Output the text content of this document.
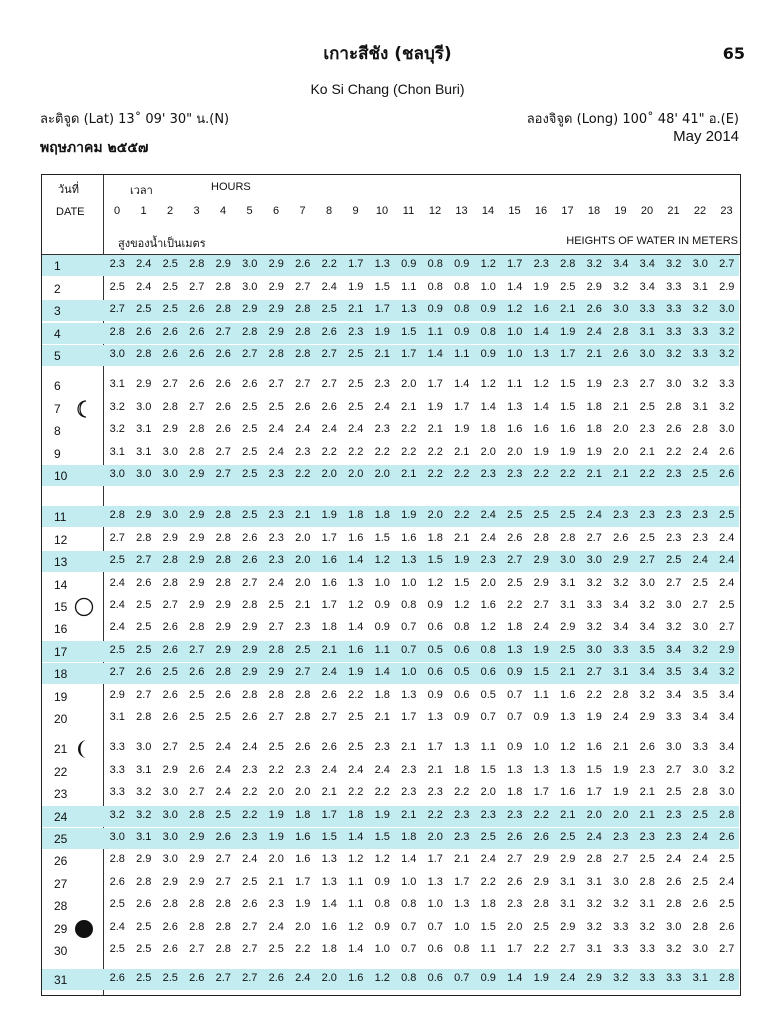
เกาะสีชัง (ชลบุรี)	65
Ko Si Chang (Chon Buri)
ละติจูด (Lat) 13˚ 09' 30" น.(N)	ลองจิจูด (Long) 100˚ 48' 41" อ.(E)
May 2014
พฤษภาคม ๒๕๕๗
วันที่
DATE
เวลา	HOURS
สูงของน้ำเป็นเมตร	HEIGHTS OF WATER IN METERS
0	1	2	3	4	5	6	7	8	9	10	11	12	13	14	15	16	17	18	19	20	21	22	23
1	2.3	2.4	2.5	2.8	2.9	3.0	2.9	2.6	2.2	1.7	1.3	0.9	0.8	0.9	1.2	1.7	2.3	2.8	3.2	3.4	3.4	3.2	3.0	2.7
2	2.5	2.4	2.5	2.7	2.8	3.0	2.9	2.7	2.4	1.9	1.5	1.1	0.8	0.8	1.0	1.4	1.9	2.5	2.9	3.2	3.4	3.3	3.1	2.9
3	2.7	2.5	2.5	2.6	2.8	2.9	2.9	2.8	2.5	2.1	1.7	1.3	0.9	0.8	0.9	1.2	1.6	2.1	2.6	3.0	3.3	3.3	3.2	3.0
4	2.8	2.6	2.6	2.6	2.7	2.8	2.9	2.8	2.6	2.3	1.9	1.5	1.1	0.9	0.8	1.0	1.4	1.9	2.4	2.8	3.1	3.3	3.3	3.2
5	3.0	2.8	2.6	2.6	2.6	2.7	2.8	2.8	2.7	2.5	2.1	1.7	1.4	1.1	0.9	1.0	1.3	1.7	2.1	2.6	3.0	3.2	3.3	3.2
6	3.1	2.9	2.7	2.6	2.6	2.6	2.7	2.7	2.7	2.5	2.3	2.0	1.7	1.4	1.2	1.1	1.2	1.5	1.9	2.3	2.7	3.0	3.2	3.3
7	3.2	3.0	2.8	2.7	2.6	2.5	2.5	2.6	2.6	2.5	2.4	2.1	1.9	1.7	1.4	1.3	1.4	1.5	1.8	2.1	2.5	2.8	3.1	3.2
8	3.2	3.1	2.9	2.8	2.6	2.5	2.4	2.4	2.4	2.4	2.3	2.2	2.1	1.9	1.8	1.6	1.6	1.6	1.8	2.0	2.3	2.6	2.8	3.0
9	3.1	3.1	3.0	2.8	2.7	2.5	2.4	2.3	2.2	2.2	2.2	2.2	2.2	2.1	2.0	2.0	1.9	1.9	1.9	2.0	2.1	2.2	2.4	2.6
10	3.0	3.0	3.0	2.9	2.7	2.5	2.3	2.2	2.0	2.0	2.0	2.1	2.2	2.2	2.3	2.3	2.2	2.2	2.1	2.1	2.2	2.3	2.5	2.6
11	2.8	2.9	3.0	2.9	2.8	2.5	2.3	2.1	1.9	1.8	1.8	1.9	2.0	2.2	2.4	2.5	2.5	2.5	2.4	2.3	2.3	2.3	2.3	2.5
12	2.7	2.8	2.9	2.9	2.8	2.6	2.3	2.0	1.7	1.6	1.5	1.6	1.8	2.1	2.4	2.6	2.8	2.8	2.7	2.6	2.5	2.3	2.3	2.4
13	2.5	2.7	2.8	2.9	2.8	2.6	2.3	2.0	1.6	1.4	1.2	1.3	1.5	1.9	2.3	2.7	2.9	3.0	3.0	2.9	2.7	2.5	2.4	2.4
14	2.4	2.6	2.8	2.9	2.8	2.7	2.4	2.0	1.6	1.3	1.0	1.0	1.2	1.5	2.0	2.5	2.9	3.1	3.2	3.2	3.0	2.7	2.5	2.4
15	2.4	2.5	2.7	2.9	2.9	2.8	2.5	2.1	1.7	1.2	0.9	0.8	0.9	1.2	1.6	2.2	2.7	3.1	3.3	3.4	3.2	3.0	2.7	2.5
16	2.4	2.5	2.6	2.8	2.9	2.9	2.7	2.3	1.8	1.4	0.9	0.7	0.6	0.8	1.2	1.8	2.4	2.9	3.2	3.4	3.4	3.2	3.0	2.7
17	2.5	2.5	2.6	2.7	2.9	2.9	2.8	2.5	2.1	1.6	1.1	0.7	0.5	0.6	0.8	1.3	1.9	2.5	3.0	3.3	3.5	3.4	3.2	2.9
18	2.7	2.6	2.5	2.6	2.8	2.9	2.9	2.7	2.4	1.9	1.4	1.0	0.6	0.5	0.6	0.9	1.5	2.1	2.7	3.1	3.4	3.5	3.4	3.2
19	2.9	2.7	2.6	2.5	2.6	2.8	2.8	2.8	2.6	2.2	1.8	1.3	0.9	0.6	0.5	0.7	1.1	1.6	2.2	2.8	3.2	3.4	3.5	3.4
20	3.1	2.8	2.6	2.5	2.5	2.6	2.7	2.8	2.7	2.5	2.1	1.7	1.3	0.9	0.7	0.7	0.9	1.3	1.9	2.4	2.9	3.3	3.4	3.4
21	3.3	3.0	2.7	2.5	2.4	2.4	2.5	2.6	2.6	2.5	2.3	2.1	1.7	1.3	1.1	0.9	1.0	1.2	1.6	2.1	2.6	3.0	3.3	3.4
22	3.3	3.1	2.9	2.6	2.4	2.3	2.2	2.3	2.4	2.4	2.4	2.3	2.1	1.8	1.5	1.3	1.3	1.3	1.5	1.9	2.3	2.7	3.0	3.2
23	3.3	3.2	3.0	2.7	2.4	2.2	2.0	2.0	2.1	2.2	2.2	2.3	2.3	2.2	2.0	1.8	1.7	1.6	1.7	1.9	2.1	2.5	2.8	3.0
24	3.2	3.2	3.0	2.8	2.5	2.2	1.9	1.8	1.7	1.8	1.9	2.1	2.2	2.3	2.3	2.3	2.2	2.1	2.0	2.0	2.1	2.3	2.5	2.8
25	3.0	3.1	3.0	2.9	2.6	2.3	1.9	1.6	1.5	1.4	1.5	1.8	2.0	2.3	2.5	2.6	2.6	2.5	2.4	2.3	2.3	2.3	2.4	2.6
26	2.8	2.9	3.0	2.9	2.7	2.4	2.0	1.6	1.3	1.2	1.2	1.4	1.7	2.1	2.4	2.7	2.9	2.9	2.8	2.7	2.5	2.4	2.4	2.5
27	2.6	2.8	2.9	2.9	2.7	2.5	2.1	1.7	1.3	1.1	0.9	1.0	1.3	1.7	2.2	2.6	2.9	3.1	3.1	3.0	2.8	2.6	2.5	2.4
28	2.5	2.6	2.8	2.8	2.8	2.6	2.3	1.9	1.4	1.1	0.8	0.8	1.0	1.3	1.8	2.3	2.8	3.1	3.2	3.2	3.1	2.8	2.6	2.5
29	2.4	2.5	2.6	2.8	2.8	2.7	2.4	2.0	1.6	1.2	0.9	0.7	0.7	1.0	1.5	2.0	2.5	2.9	3.2	3.3	3.2	3.0	2.8	2.6
30	2.5	2.5	2.6	2.7	2.8	2.7	2.5	2.2	1.8	1.4	1.0	0.7	0.6	0.8	1.1	1.7	2.2	2.7	3.1	3.3	3.3	3.2	3.0	2.7
31	2.6	2.5	2.5	2.6	2.7	2.7	2.6	2.4	2.0	1.6	1.2	0.8	0.6	0.7	0.9	1.4	1.9	2.4	2.9	3.2	3.3	3.3	3.1	2.8
